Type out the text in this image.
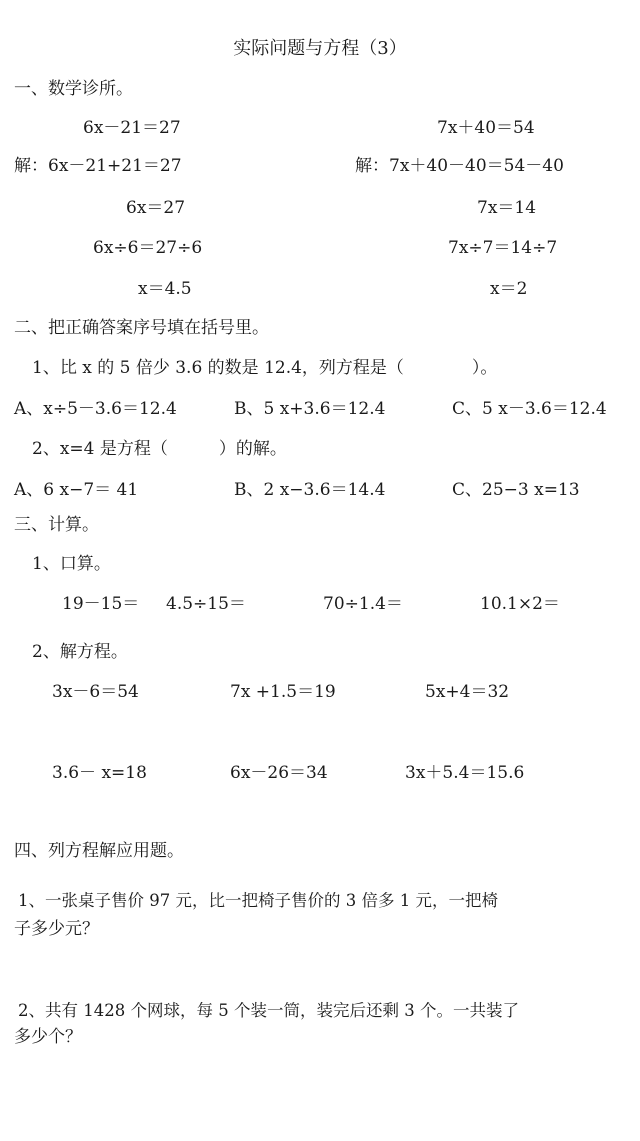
实际问题与方程（3）
一、数学诊所。
6x－21＝27	7x＋40＝54
解：6x－21+21＝27	解：7x＋40－40＝54－40
6x＝27	7x＝14
6x÷6＝27÷6	7x÷7＝14÷7
x＝4.5	x＝2
二、把正确答案序号填在括号里。
1、比 x 的 5 倍少 3.6 的数是 12.4，列方程是（　　　　）。
A、x÷5－3.6＝12.4	B、5 x+3.6＝12.4	C、5 x－3.6＝12.4
2、x=4 是方程（　　　）的解。
A、6 x−7＝ 41	B、2 x−3.6＝14.4	C、25−3 x=13
三、计算。
1、口算。
19－15＝ 4.5÷15＝	70÷1.4＝	10.1×2＝
2、解方程。
3x－6＝54	7x +1.5＝19	5x+4＝32
3.6－ x=18	6x－26＝34	3x＋5.4＝15.6
四、列方程解应用题。
1、一张桌子售价 97 元，比一把椅子售价的 3 倍多 1 元，一把椅
子多少元？
2、共有 1428 个网球，每 5 个装一筒，装完后还剩 3 个。一共装了
多少个？
